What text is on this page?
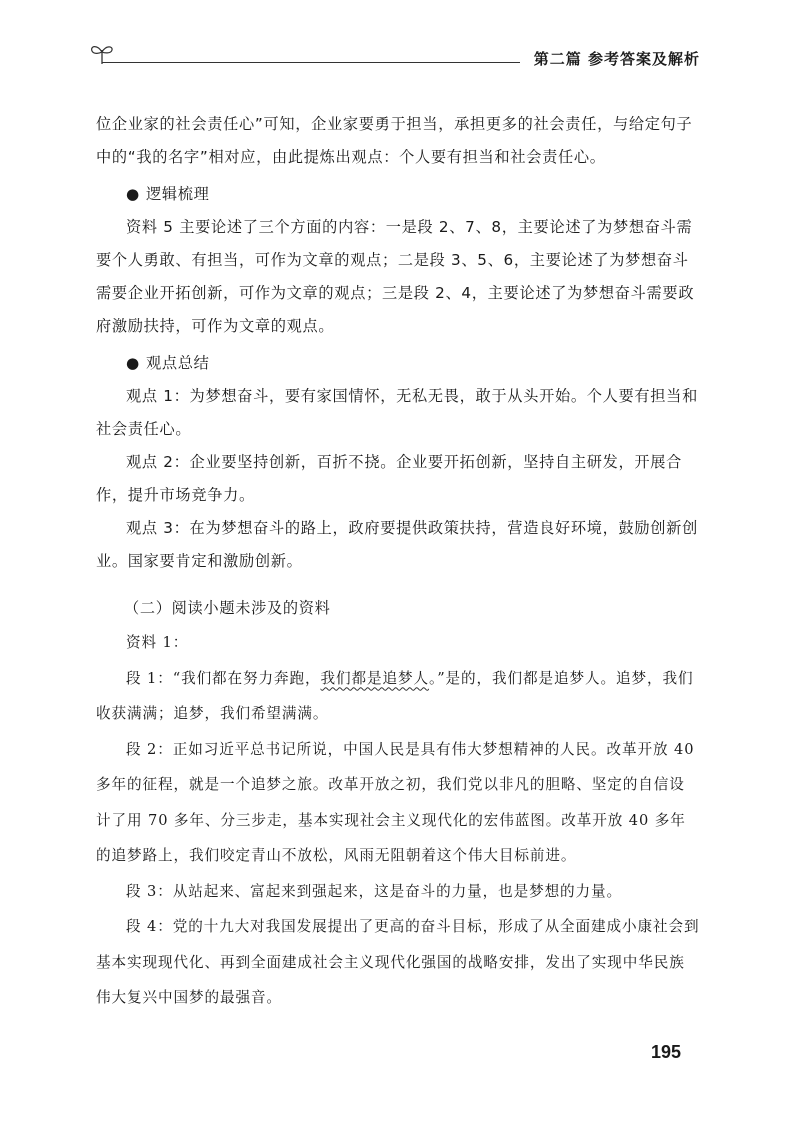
第二篇 参考答案及解析

位企业家的社会责任心”可知，企业家要勇于担当，承担更多的社会责任，与给定句子中的“我的名字”相对应，由此提炼出观点：个人要有担当和社会责任心。

● 逻辑梳理

资料 5 主要论述了三个方面的内容：一是段 2、7、8，主要论述了为梦想奋斗需要个人勇敢、有担当，可作为文章的观点；二是段 3、5、6，主要论述了为梦想奋斗需要企业开拓创新，可作为文章的观点；三是段 2、4，主要论述了为梦想奋斗需要政府激励扶持，可作为文章的观点。

● 观点总结

观点 1：为梦想奋斗，要有家国情怀，无私无畏，敢于从头开始。个人要有担当和社会责任心。

观点 2：企业要坚持创新，百折不挠。企业要开拓创新，坚持自主研发，开展合作，提升市场竞争力。

观点 3：在为梦想奋斗的路上，政府要提供政策扶持，营造良好环境，鼓励创新创业。国家要肯定和激励创新。

（二）阅读小题未涉及的资料

资料 1：

段 1：“我们都在努力奔跑，我们都是追梦人。”是的，我们都是追梦人。追梦，我们收获满满；追梦，我们希望满满。

段 2：正如习近平总书记所说，中国人民是具有伟大梦想精神的人民。改革开放 40 多年的征程，就是一个追梦之旅。改革开放之初，我们党以非凡的胆略、坚定的自信设计了用 70 多年、分三步走，基本实现社会主义现代化的宏伟蓝图。改革开放 40 多年的追梦路上，我们咬定青山不放松，风雨无阻朝着这个伟大目标前进。

段 3：从站起来、富起来到强起来，这是奋斗的力量，也是梦想的力量。

段 4：党的十九大对我国发展提出了更高的奋斗目标，形成了从全面建成小康社会到基本实现现代化、再到全面建成社会主义现代化强国的战略安排，发出了实现中华民族伟大复兴中国梦的最强音。

195
